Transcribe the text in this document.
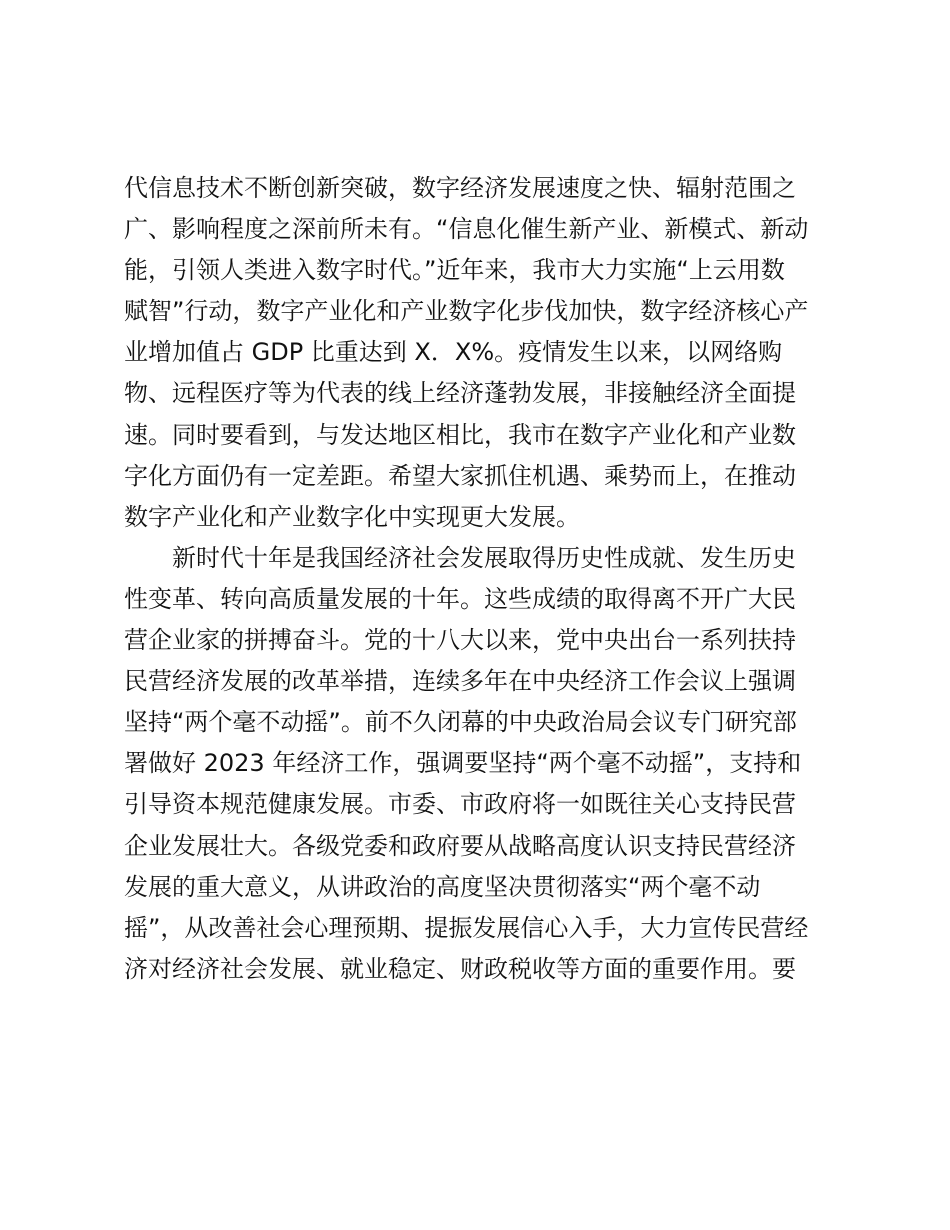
代信息技术不断创新突破，数字经济发展速度之快、辐射范围之
广、影响程度之深前所未有。“信息化催生新产业、新模式、新动
能，引领人类进入数字时代。”近年来，我市大力实施“上云用数
赋智”行动，数字产业化和产业数字化步伐加快，数字经济核心产
业增加值占 GDP 比重达到 X．X%。疫情发生以来，以网络购
物、远程医疗等为代表的线上经济蓬勃发展，非接触经济全面提
速。同时要看到，与发达地区相比，我市在数字产业化和产业数
字化方面仍有一定差距。希望大家抓住机遇、乘势而上，在推动
数字产业化和产业数字化中实现更大发展。
新时代十年是我国经济社会发展取得历史性成就、发生历史
性变革、转向高质量发展的十年。这些成绩的取得离不开广大民
营企业家的拼搏奋斗。党的十八大以来，党中央出台一系列扶持
民营经济发展的改革举措，连续多年在中央经济工作会议上强调
坚持“两个毫不动摇”。前不久闭幕的中央政治局会议专门研究部
署做好 2023 年经济工作，强调要坚持“两个毫不动摇”，支持和
引导资本规范健康发展。市委、市政府将一如既往关心支持民营
企业发展壮大。各级党委和政府要从战略高度认识支持民营经济
发展的重大意义，从讲政治的高度坚决贯彻落实“两个毫不动
摇”，从改善社会心理预期、提振发展信心入手，大力宣传民营经
济对经济社会发展、就业稳定、财政税收等方面的重要作用。要
